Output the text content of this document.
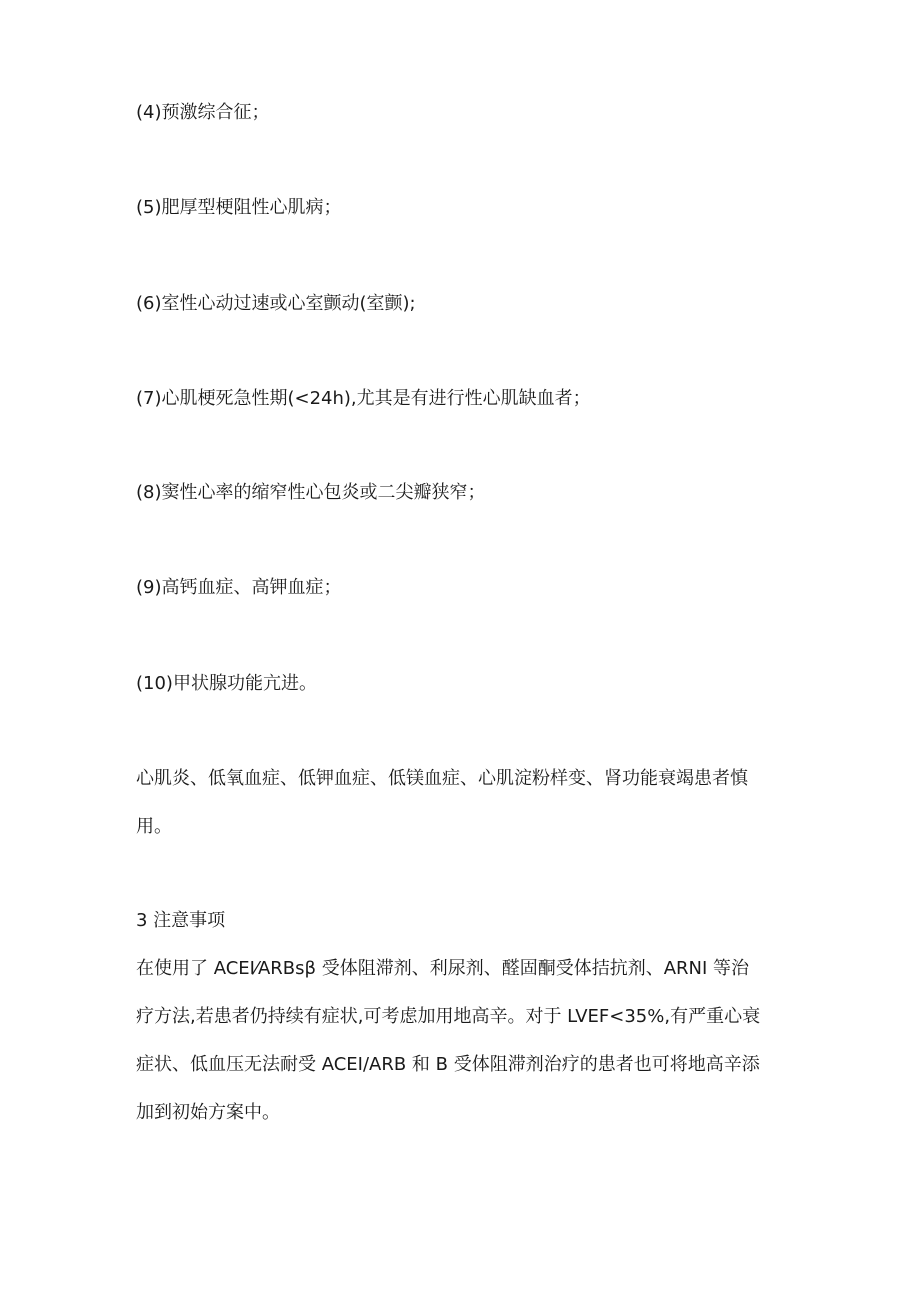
(4)预激综合征；
(5)肥厚型梗阻性心肌病；
(6)室性心动过速或心室颤动(室颤);
(7)心肌梗死急性期(<24h),尤其是有进行性心肌缺血者；
(8)窦性心率的缩窄性心包炎或二尖瓣狭窄；
(9)高钙血症、高钾血症；
(10)甲状腺功能亢进。
心肌炎、低氧血症、低钾血症、低镁血症、心肌淀粉样变、肾功能衰竭患者慎
用。
3 注意事项
在使用了 ACEI⁄ARBsβ 受体阻滞剂、利尿剂、醛固酮受体拮抗剂、ARNI 等治
疗方法,若患者仍持续有症状,可考虑加用地高辛。对于 LVEF<35%,有严重心衰
症状、低血压无法耐受 ACEI/ARB 和 B 受体阻滞剂治疗的患者也可将地高辛添
加到初始方案中。
